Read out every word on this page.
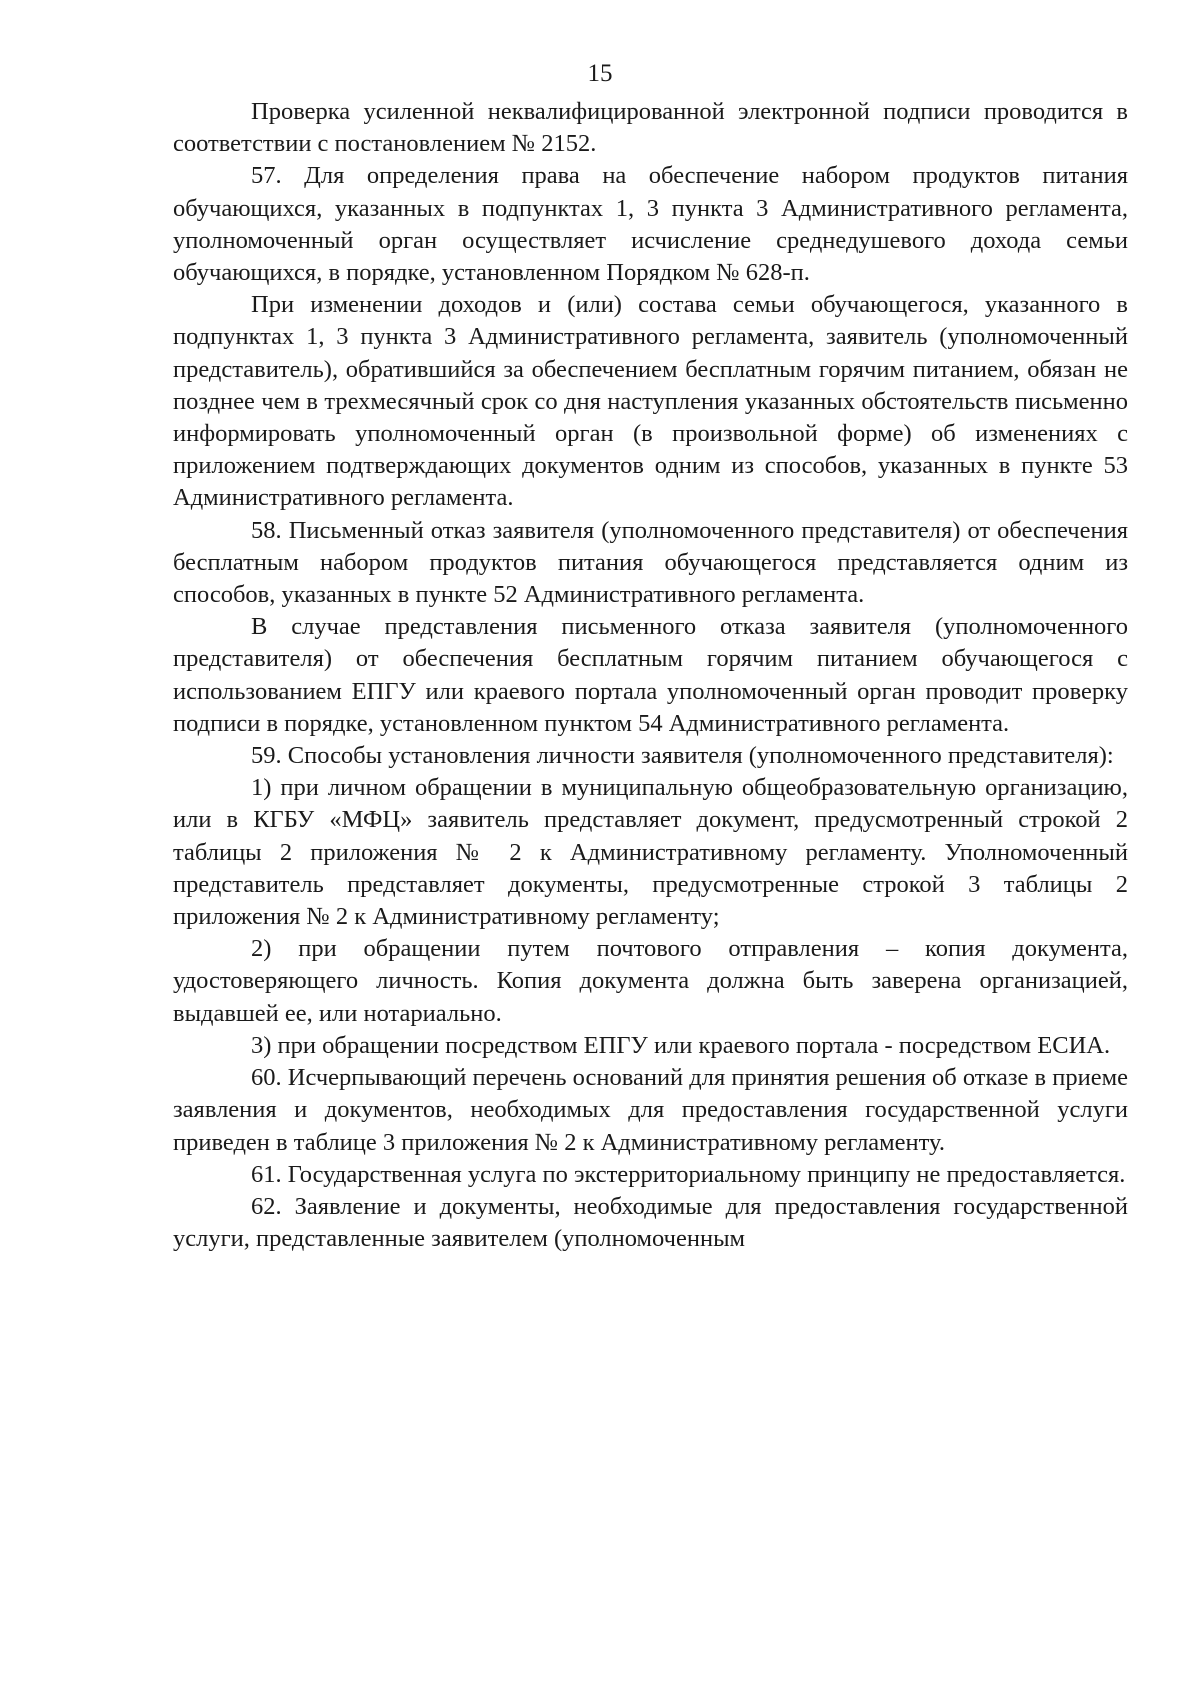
15

Проверка усиленной неквалифицированной электронной подписи проводится в соответствии с постановлением № 2152.

57. Для определения права на обеспечение набором продуктов питания обучающихся, указанных в подпунктах 1, 3 пункта 3 Административного регламента, уполномоченный орган осуществляет исчисление среднедушевого дохода семьи обучающихся, в порядке, установленном Порядком № 628-п.

При изменении доходов и (или) состава семьи обучающегося, указанного в подпунктах 1, 3 пункта 3 Административного регламента, заявитель (уполномоченный представитель), обратившийся за обеспечением бесплатным горячим питанием, обязан не позднее чем в трехмесячный срок со дня наступления указанных обстоятельств письменно информировать уполномоченный орган (в произвольной форме) об изменениях с приложением подтверждающих документов одним из способов, указанных в пункте 53 Административного регламента.

58. Письменный отказ заявителя (уполномоченного представителя) от обеспечения бесплатным набором продуктов питания обучающегося представляется одним из способов, указанных в пункте 52 Административного регламента.

В случае представления письменного отказа заявителя (уполномоченного представителя) от обеспечения бесплатным горячим питанием обучающегося с использованием ЕПГУ или краевого портала уполномоченный орган проводит проверку подписи в порядке, установленном пунктом 54 Административного регламента.

59. Способы установления личности заявителя (уполномоченного представителя):

1) при личном обращении в муниципальную общеобразовательную организацию, или в КГБУ «МФЦ» заявитель представляет документ, предусмотренный строкой 2 таблицы 2 приложения № 2 к Административному регламенту. Уполномоченный представитель представляет документы, предусмотренные строкой 3 таблицы 2 приложения № 2 к Административному регламенту;

2) при обращении путем почтового отправления – копия документа, удостоверяющего личность. Копия документа должна быть заверена организацией, выдавшей ее, или нотариально.

3) при обращении посредством ЕПГУ или краевого портала - посредством ЕСИА.

60. Исчерпывающий перечень оснований для принятия решения об отказе в приеме заявления и документов, необходимых для предоставления государственной услуги приведен в таблице 3 приложения № 2 к Административному регламенту.

61. Государственная услуга по экстерриториальному принципу не предоставляется.

62. Заявление и документы, необходимые для предоставления государственной услуги, представленные заявителем (уполномоченным
